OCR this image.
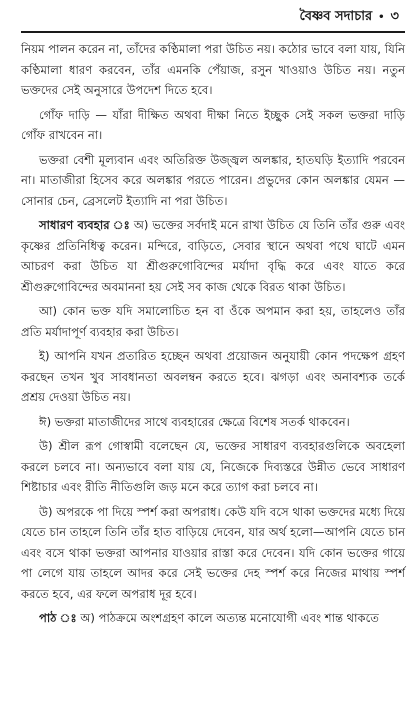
বৈষ্ণব সদাচার • ৩

নিয়ম পালন করেন না, তাঁদের কণ্ঠিমালা পরা উচিত নয়। কঠোর ভাবে বলা যায়, যিনি কণ্ঠিমালা ধারণ করবেন, তাঁর এমনকি পেঁয়াজ, রসুন খাওয়াও উচিত নয়। নতুন ভক্তদের সেই অনুসারে উপদেশ দিতে হবে।

গোঁফ দাড়ি — যাঁরা দীক্ষিত অথবা দীক্ষা নিতে ইচ্ছুক সেই সকল ভক্তরা দাড়ি গোঁফ রাখবেন না।

ভক্তরা বেশী মূল্যবান এবং অতিরিক্ত উজ্জ্বল অলঙ্কার, হাতঘড়ি ইত্যাদি পরবেন না। মাতাজীরা হিসেব করে অলঙ্কার পরতে পারেন। প্রভুদের কোন অলঙ্কার যেমন — সোনার চেন, ব্রেসলেট ইত্যাদি না পরা উচিত।

সাধারণ ব্যবহার ঃ অ) ভক্তের সর্বদাই মনে রাখা উচিত যে তিনি তাঁর গুরু এবং কৃষ্ণের প্রতিনিধিত্ব করেন। মন্দিরে, বাড়িতে, সেবার স্থানে অথবা পথে ঘাটে এমন আচরণ করা উচিত যা শ্রীগুরুগোবিন্দের মর্যাদা বৃদ্ধি করে এবং যাতে করে শ্রীগুরুগোবিন্দের অবমাননা হয় সেই সব কাজ থেকে বিরত থাকা উচিত।

আ) কোন ভক্ত যদি সমালোচিত হন বা ওঁকে অপমান করা হয়, তাহলেও তাঁর প্রতি মর্যাদাপূর্ণ ব্যবহার করা উচিত।

ই) আপনি যখন প্রতারিত হচ্ছেন অথবা প্রয়োজন অনুযায়ী কোন পদক্ষেপ গ্রহণ করছেন তখন খুব সাবধানতা অবলম্বন করতে হবে। ঝগড়া এবং অনাবশ্যক তর্কে প্রশ্রয় দেওয়া উচিত নয়।

ঈ) ভক্তরা মাতাজীদের সাথে ব্যবহারের ক্ষেত্রে বিশেষ সতর্ক থাকবেন।

উ) শ্রীল রূপ গোস্বামী বলেছেন যে, ভক্তের সাধারণ ব্যবহারগুলিকে অবহেলা করলে চলবে না। অন্যভাবে বলা যায় যে, নিজেকে দিব্যস্তরে উন্নীত ভেবে সাধারণ শিষ্টাচার এবং রীতি নীতিগুলি জড় মনে করে ত্যাগ করা চলবে না।

উ) অপরকে পা দিয়ে স্পর্শ করা অপরাধ। কেউ যদি বসে থাকা ভক্তদের মধ্যে দিয়ে যেতে চান তাহলে তিনি তাঁর হাত বাড়িয়ে দেবেন, যার অর্থ হলো—আপনি যেতে চান এবং বসে থাকা ভক্তরা আপনার যাওয়ার রাস্তা করে দেবেন। যদি কোন ভক্তের গায়ে পা লেগে যায় তাহলে আদর করে সেই ভক্তের দেহ স্পর্শ করে নিজের মাথায় স্পর্শ করতে হবে, এর ফলে অপরাধ দূর হবে।

পাঠ ঃ অ) পাঠক্রমে অংশগ্রহণ কালে অত্যন্ত মনোযোগী এবং শান্ত থাকতে
